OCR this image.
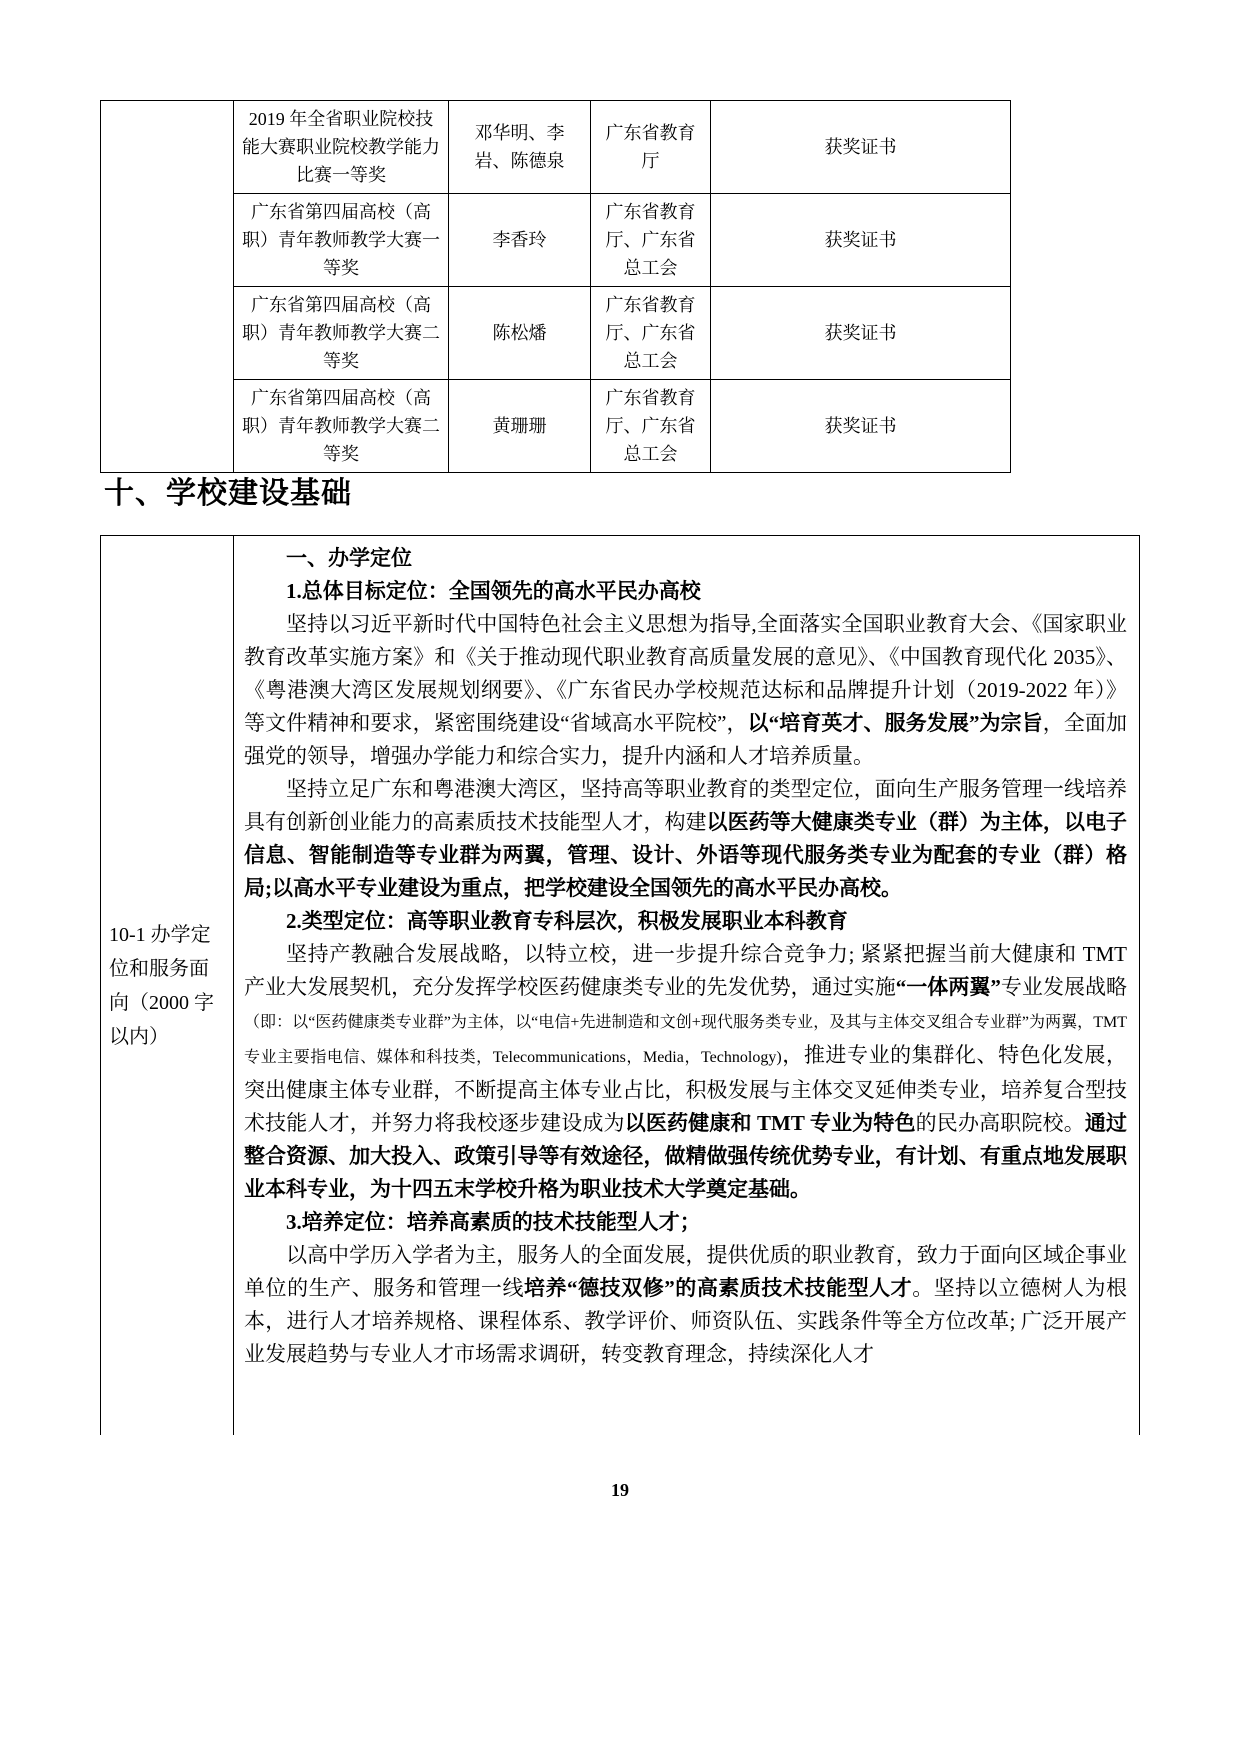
	2019 年全省职业院校技能大赛职业院校教学能力比赛一等奖	邓华明、李岩、陈德泉	广东省教育厅	获奖证书
	广东省第四届高校（高职）青年教师教学大赛一等奖	李香玲	广东省教育厅、广东省总工会	获奖证书
	广东省第四届高校（高职）青年教师教学大赛二等奖	陈松燔	广东省教育厅、广东省总工会	获奖证书
	广东省第四届高校（高职）青年教师教学大赛二等奖	黄珊珊	广东省教育厅、广东省总工会	获奖证书
十、学校建设基础
10-1 办学定位和服务面向（2000 字以内）
一、办学定位
1.总体目标定位：全国领先的高水平民办高校
坚持以习近平新时代中国特色社会主义思想为指导,全面落实全国职业教育大会、《国家职业教育改革实施方案》和《关于推动现代职业教育高质量发展的意见》、《中国教育现代化 2035》、《粤港澳大湾区发展规划纲要》、《广东省民办学校规范达标和品牌提升计划（2019-2022 年）》等文件精神和要求，紧密围绕建设“省域高水平院校”，以“培育英才、服务发展”为宗旨，全面加强党的领导，增强办学能力和综合实力，提升内涵和人才培养质量。
坚持立足广东和粤港澳大湾区，坚持高等职业教育的类型定位，面向生产服务管理一线培养具有创新创业能力的高素质技术技能型人才，构建以医药等大健康类专业（群）为主体，以电子信息、智能制造等专业群为两翼，管理、设计、外语等现代服务类专业为配套的专业（群）格局;以高水平专业建设为重点，把学校建设全国领先的高水平民办高校。
2.类型定位：高等职业教育专科层次，积极发展职业本科教育
坚持产教融合发展战略，以特立校，进一步提升综合竞争力; 紧紧把握当前大健康和 TMT 产业大发展契机，充分发挥学校医药健康类专业的先发优势，通过实施“一体两翼”专业发展战略（即：以“医药健康类专业群”为主体，以“电信+先进制造和文创+现代服务类专业，及其与主体交叉组合专业群”为两翼，TMT 专业主要指电信、媒体和科技类，Telecommunications，Media，Technology)，推进专业的集群化、特色化发展，突出健康主体专业群，不断提高主体专业占比，积极发展与主体交叉延伸类专业，培养复合型技术技能人才，并努力将我校逐步建设成为以医药健康和 TMT 专业为特色的民办高职院校。通过整合资源、加大投入、政策引导等有效途径，做精做强传统优势专业，有计划、有重点地发展职业本科专业，为十四五末学校升格为职业技术大学奠定基础。
3.培养定位：培养高素质的技术技能型人才；
以高中学历入学者为主，服务人的全面发展，提供优质的职业教育，致力于面向区域企事业单位的生产、服务和管理一线培养“德技双修”的高素质技术技能型人才。坚持以立德树人为根本，进行人才培养规格、课程体系、教学评价、师资队伍、实践条件等全方位改革; 广泛开展产业发展趋势与专业人才市场需求调研，转变教育理念，持续深化人才
19
